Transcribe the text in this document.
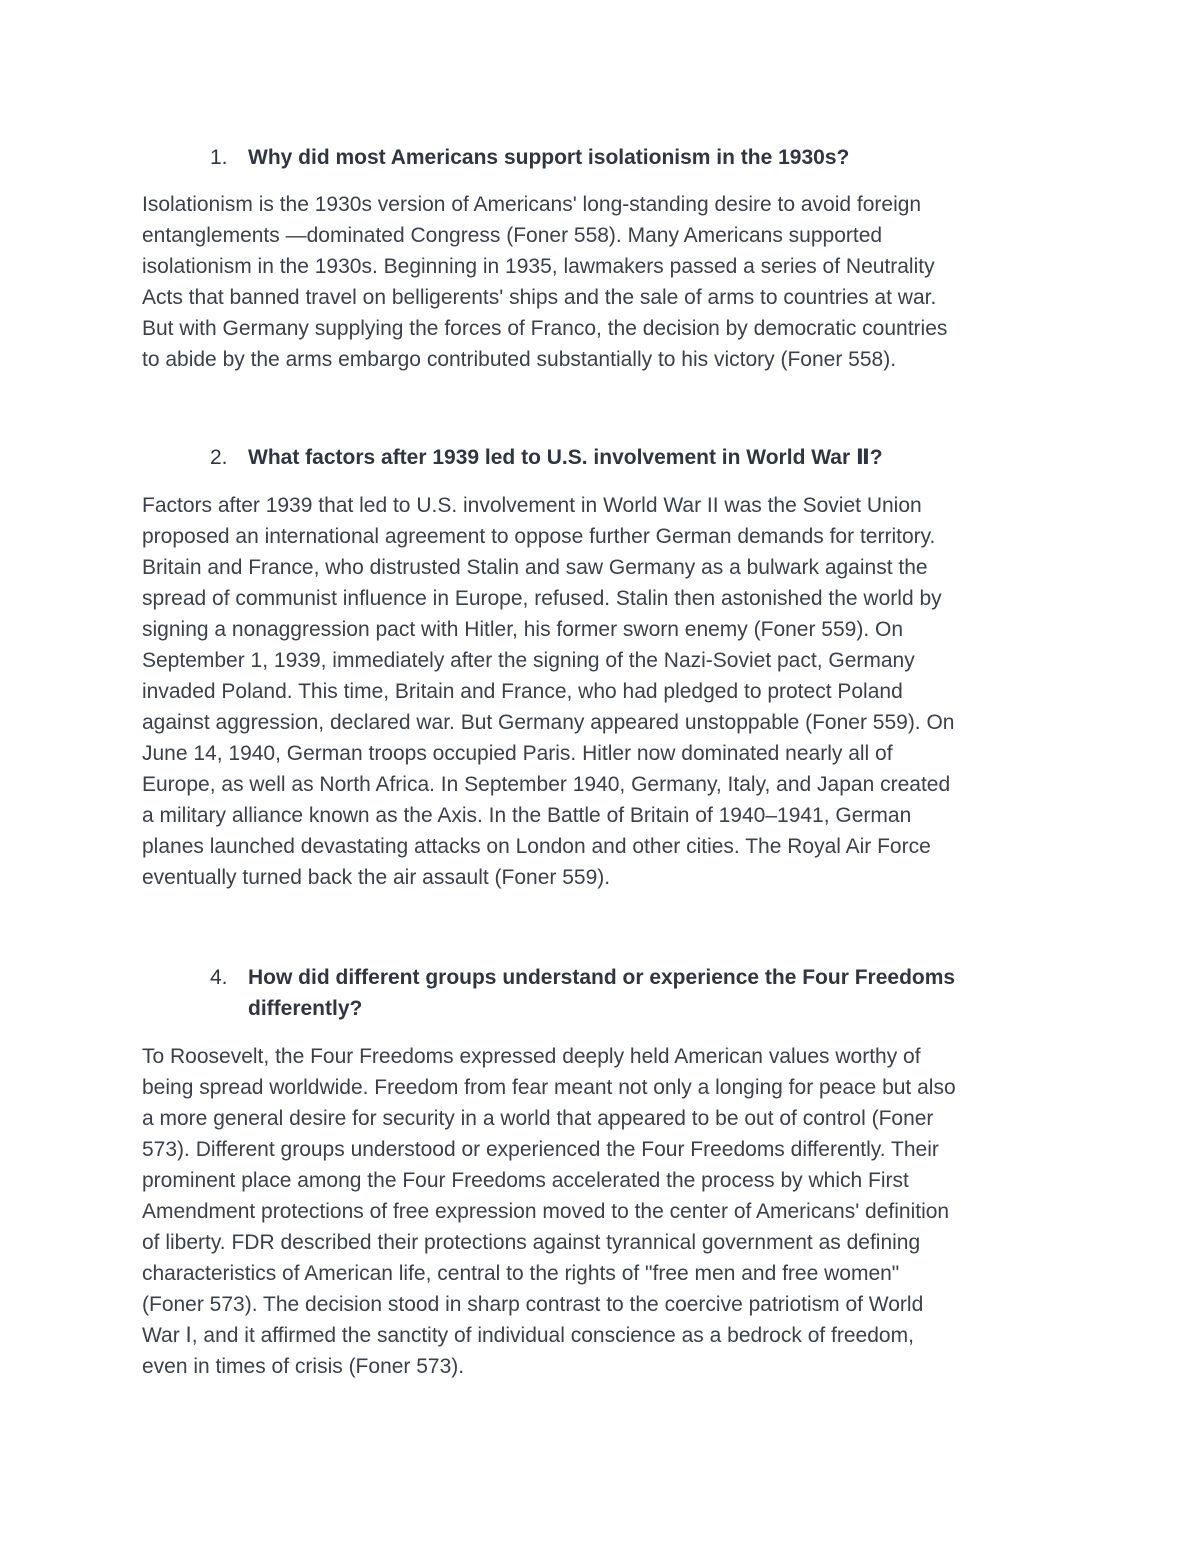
1. Why did most Americans support isolationism in the 1930s?
Isolationism is the 1930s version of Americans' long-standing desire to avoid foreign
entanglements —dominated Congress (Foner 558). Many Americans supported
isolationism in the 1930s. Beginning in 1935, lawmakers passed a series of Neutrality
Acts that banned travel on belligerents' ships and the sale of arms to countries at war.
But with Germany supplying the forces of Franco, the decision by democratic countries
to abide by the arms embargo contributed substantially to his victory (Foner 558).
2. What factors after 1939 led to U.S. involvement in World War Ⅱ?
Factors after 1939 that led to U.S. involvement in World War II was the Soviet Union
proposed an international agreement to oppose further German demands for territory.
Britain and France, who distrusted Stalin and saw Germany as a bulwark against the
spread of communist influence in Europe, refused. Stalin then astonished the world by
signing a nonaggression pact with Hitler, his former sworn enemy (Foner 559). On
September 1, 1939, immediately after the signing of the Nazi-Soviet pact, Germany
invaded Poland. This time, Britain and France, who had pledged to protect Poland
against aggression, declared war. But Germany appeared unstoppable (Foner 559). On
June 14, 1940, German troops occupied Paris. Hitler now dominated nearly all of
Europe, as well as North Africa. In September 1940, Germany, Italy, and Japan created
a military alliance known as the Axis. In the Battle of Britain of 1940–1941, German
planes launched devastating attacks on London and other cities. The Royal Air Force
eventually turned back the air assault (Foner 559).
4. How did different groups understand or experience the Four Freedoms
differently?
To Roosevelt, the Four Freedoms expressed deeply held American values worthy of
being spread worldwide. Freedom from fear meant not only a longing for peace but also
a more general desire for security in a world that appeared to be out of control (Foner
573). Different groups understood or experienced the Four Freedoms differently. Their
prominent place among the Four Freedoms accelerated the process by which First
Amendment protections of free expression moved to the center of Americans' definition
of liberty. FDR described their protections against tyrannical government as defining
characteristics of American life, central to the rights of "free men and free women"
(Foner 573). The decision stood in sharp contrast to the coercive patriotism of World
War Ⅰ, and it affirmed the sanctity of individual conscience as a bedrock of freedom,
even in times of crisis (Foner 573).
